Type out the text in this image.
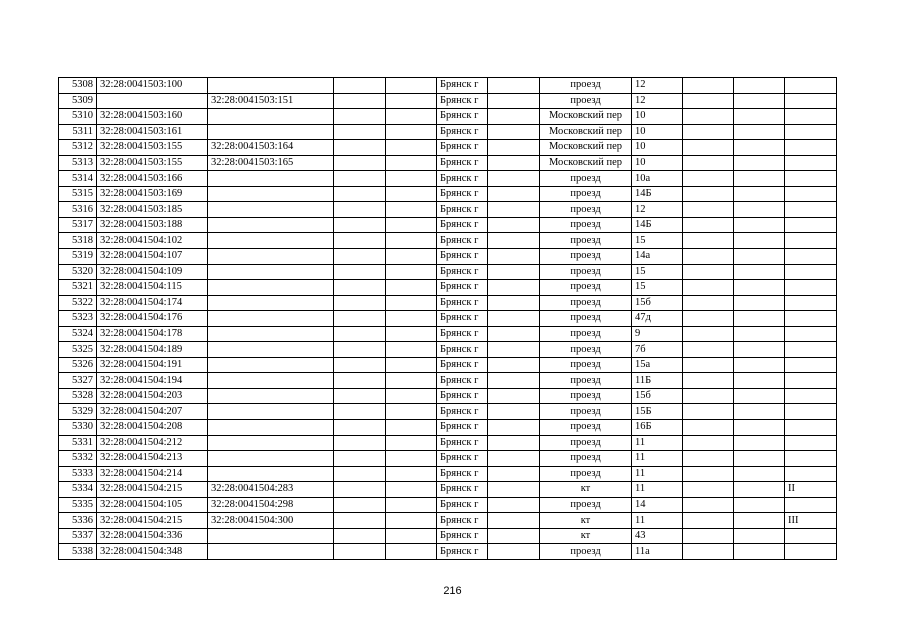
5308	32:28:0041503:100				Брянск г		проезд	12			
5309		32:28:0041503:151			Брянск г		проезд	12			
5310	32:28:0041503:160				Брянск г		Московский пер	10			
5311	32:28:0041503:161				Брянск г		Московский пер	10			
5312	32:28:0041503:155	32:28:0041503:164			Брянск г		Московский пер	10			
5313	32:28:0041503:155	32:28:0041503:165			Брянск г		Московский пер	10			
5314	32:28:0041503:166				Брянск г		проезд	10а			
5315	32:28:0041503:169				Брянск г		проезд	14Б			
5316	32:28:0041503:185				Брянск г		проезд	12			
5317	32:28:0041503:188				Брянск г		проезд	14Б			
5318	32:28:0041504:102				Брянск г		проезд	15			
5319	32:28:0041504:107				Брянск г		проезд	14а			
5320	32:28:0041504:109				Брянск г		проезд	15			
5321	32:28:0041504:115				Брянск г		проезд	15			
5322	32:28:0041504:174				Брянск г		проезд	15б			
5323	32:28:0041504:176				Брянск г		проезд	47д			
5324	32:28:0041504:178				Брянск г		проезд	9			
5325	32:28:0041504:189				Брянск г		проезд	7б			
5326	32:28:0041504:191				Брянск г		проезд	15а			
5327	32:28:0041504:194				Брянск г		проезд	11Б			
5328	32:28:0041504:203				Брянск г		проезд	15б			
5329	32:28:0041504:207				Брянск г		проезд	15Б			
5330	32:28:0041504:208				Брянск г		проезд	16Б			
5331	32:28:0041504:212				Брянск г		проезд	11			
5332	32:28:0041504:213				Брянск г		проезд	11			
5333	32:28:0041504:214				Брянск г		проезд	11			
5334	32:28:0041504:215	32:28:0041504:283			Брянск г		кт	11			II
5335	32:28:0041504:105	32:28:0041504:298			Брянск г		проезд	14			
5336	32:28:0041504:215	32:28:0041504:300			Брянск г		кт	11			III
5337	32:28:0041504:336				Брянск г		кт	43			
5338	32:28:0041504:348				Брянск г		проезд	11а			
216
